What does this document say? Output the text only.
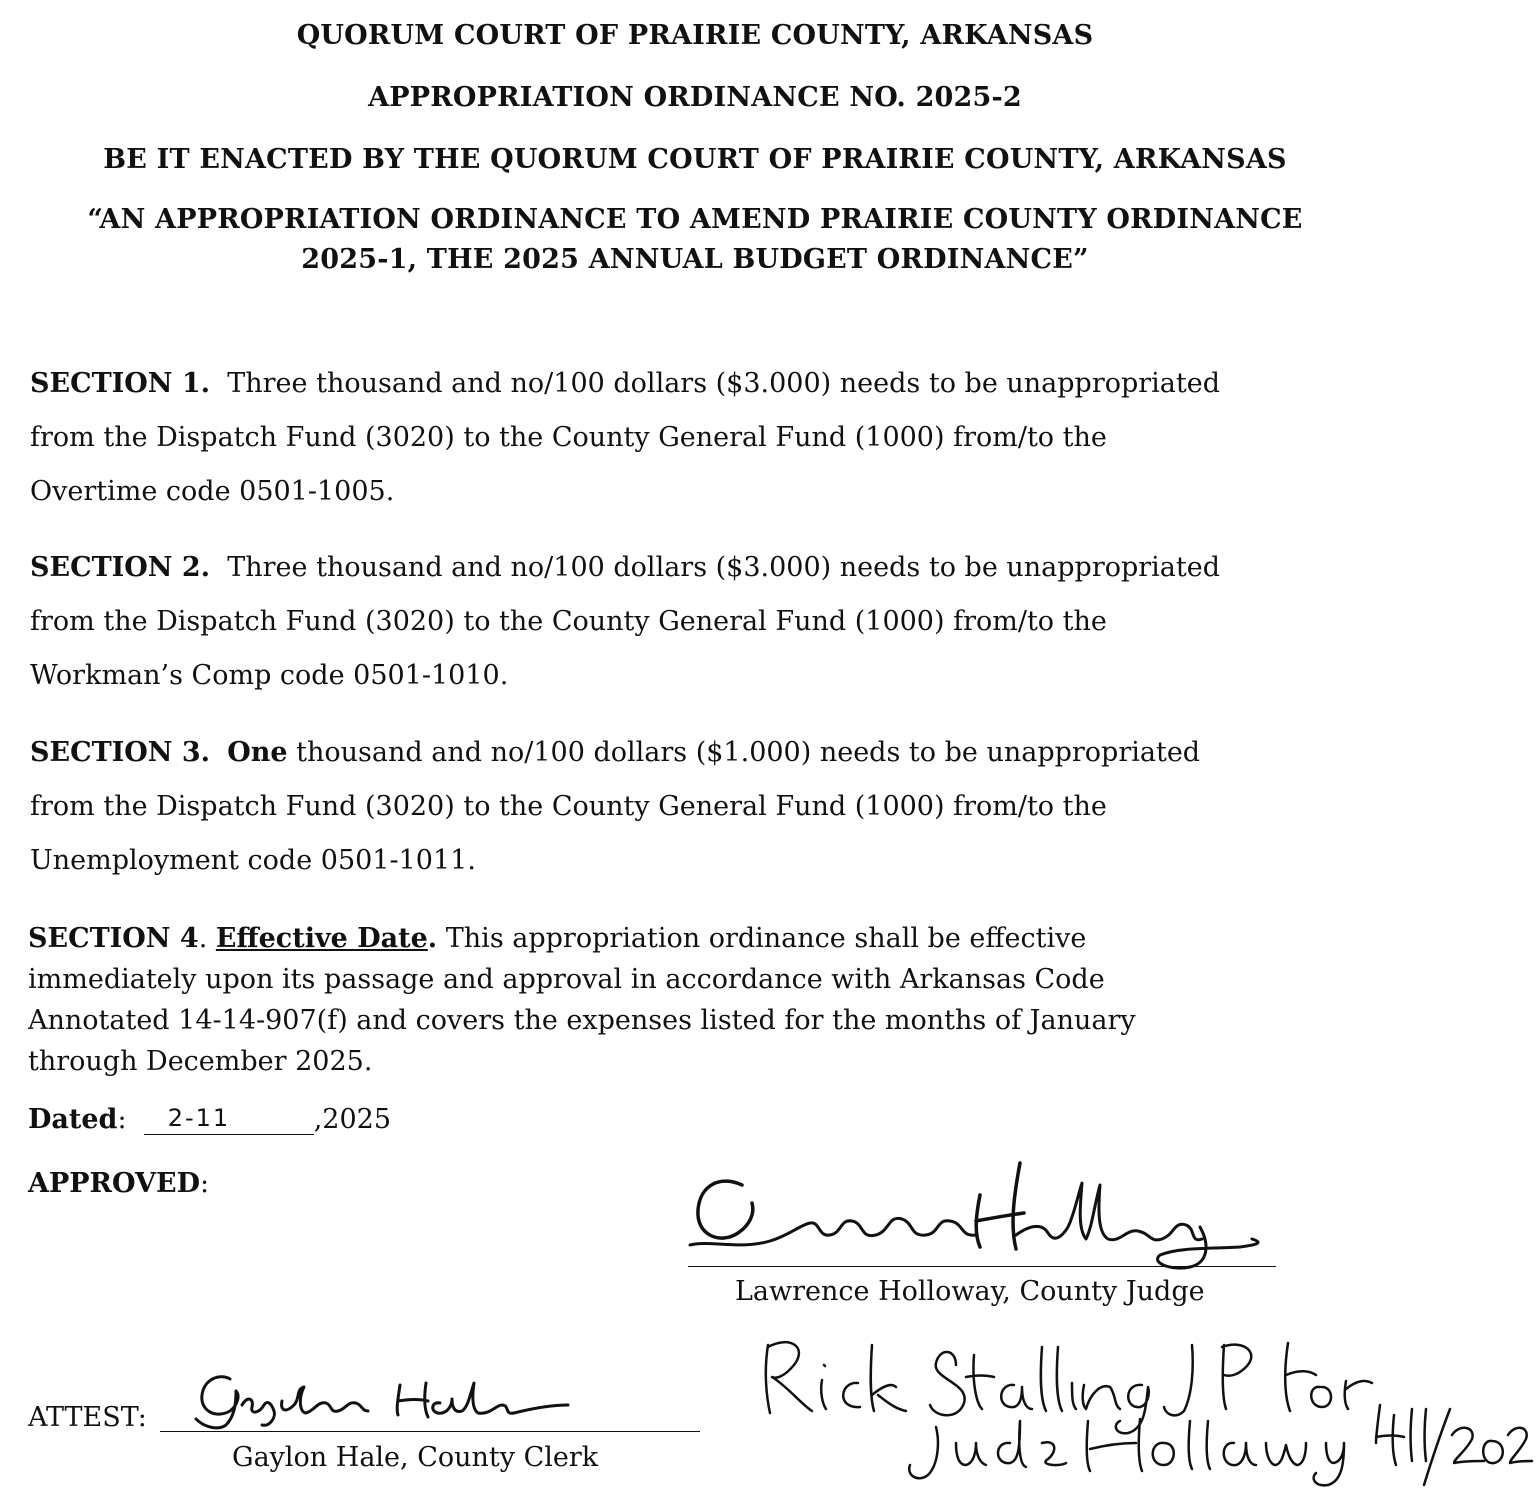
QUORUM COURT OF PRAIRIE COUNTY, ARKANSAS
APPROPRIATION ORDINANCE NO. 2025-2
BE IT ENACTED BY THE QUORUM COURT OF PRAIRIE COUNTY, ARKANSAS
“AN APPROPRIATION ORDINANCE TO AMEND PRAIRIE COUNTY ORDINANCE
2025-1, THE 2025 ANNUAL BUDGET ORDINANCE”
SECTION 1. Three thousand and no/100 dollars ($3.000) needs to be unappropriated
from the Dispatch Fund (3020) to the County General Fund (1000) from/to the
Overtime code 0501-1005.
SECTION 2. Three thousand and no/100 dollars ($3.000) needs to be unappropriated
from the Dispatch Fund (3020) to the County General Fund (1000) from/to the
Workman’s Comp code 0501-1010.
SECTION 3. One thousand and no/100 dollars ($1.000) needs to be unappropriated
from the Dispatch Fund (3020) to the County General Fund (1000) from/to the
Unemployment code 0501-1011.
SECTION 4. Effective Date. This appropriation ordinance shall be effective
immediately upon its passage and approval in accordance with Arkansas Code
Annotated 14-14-907(f) and covers the expenses listed for the months of January
through December 2025.
Dated: 2-11	,2025
APPROVED:
Lawrence Holloway, County Judge
ATTEST:
Gaylon Hale, County Clerk
